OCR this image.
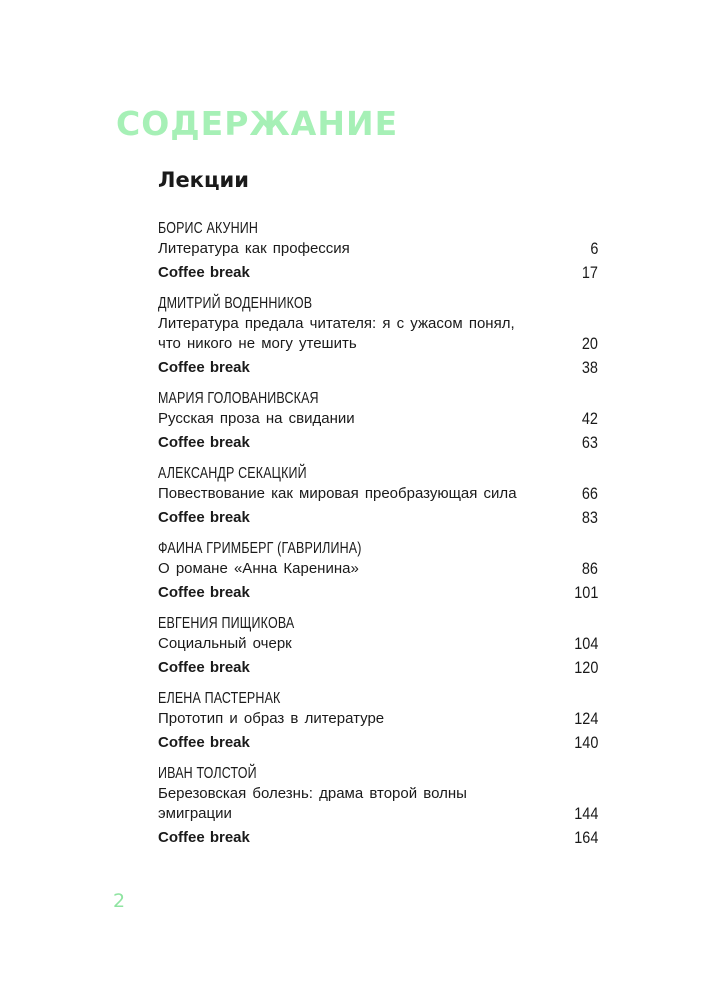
СОДЕРЖАНИЕ
Лекции
БОРИС АКУНИН
Литература как профессия	6
Coffee break	17
ДМИТРИЙ ВОДЕННИКОВ
Литература предала читателя: я с ужасом понял, что никого не могу утешить	20
Coffee break	38
МАРИЯ ГОЛОВАНИВСКАЯ
Русская проза на свидании	42
Coffee break	63
АЛЕКСАНДР СЕКАЦКИЙ
Повествование как мировая преобразующая сила	66
Coffee break	83
ФАИНА ГРИМБЕРГ (ГАВРИЛИНА)
О романе «Анна Каренина»	86
Coffee break	101
ЕВГЕНИЯ ПИЩИКОВА
Социальный очерк	104
Coffee break	120
ЕЛЕНА ПАСТЕРНАК
Прототип и образ в литературе	124
Coffee break	140
ИВАН ТОЛСТОЙ
Березовская болезнь: драма второй волны эмиграции	144
Coffee break	164
2
